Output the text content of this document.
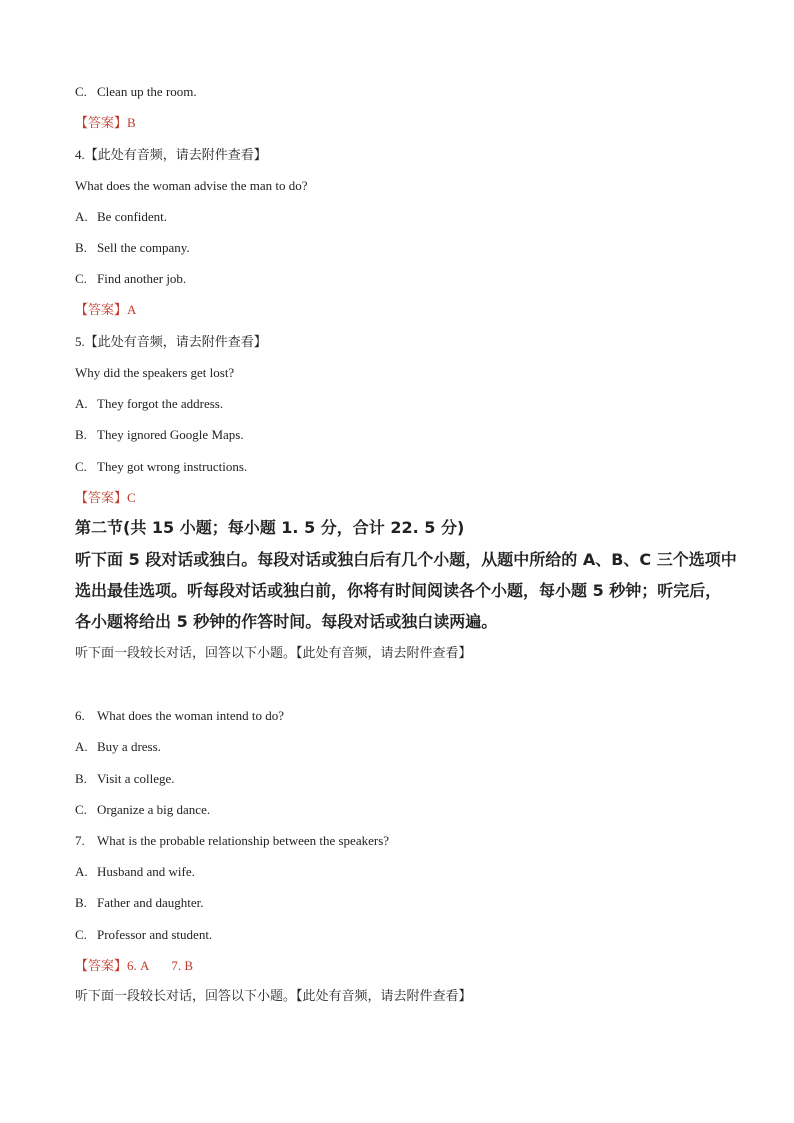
C. Clean up the room.
【答案】B
4.【此处有音频，请去附件查看】
What does the woman advise the man to do?
A. Be confident.
B. Sell the company.
C. Find another job.
【答案】A
5.【此处有音频，请去附件查看】
Why did the speakers get lost?
A. They forgot the address.
B. They ignored Google Maps.
C. They got wrong instructions.
【答案】C
第二节(共 15 小题；每小题 1. 5 分，合计 22. 5 分)
听下面 5 段对话或独白。每段对话或独白后有几个小题，从题中所给的 A、B、C 三个选项中
选出最佳选项。听每段对话或独白前，你将有时间阅读各个小题，每小题 5 秒钟；听完后，
各小题将给出 5 秒钟的作答时间。每段对话或独白读两遍。
听下面一段较长对话，回答以下小题。【此处有音频，请去附件查看】
6. What does the woman intend to do?
A. Buy a dress.
B. Visit a college.
C. Organize a big dance.
7. What is the probable relationship between the speakers?
A. Husband and wife.
B. Father and daughter.
C. Professor and student.
【答案】6. A 7. B
听下面一段较长对话，回答以下小题。【此处有音频，请去附件查看】
